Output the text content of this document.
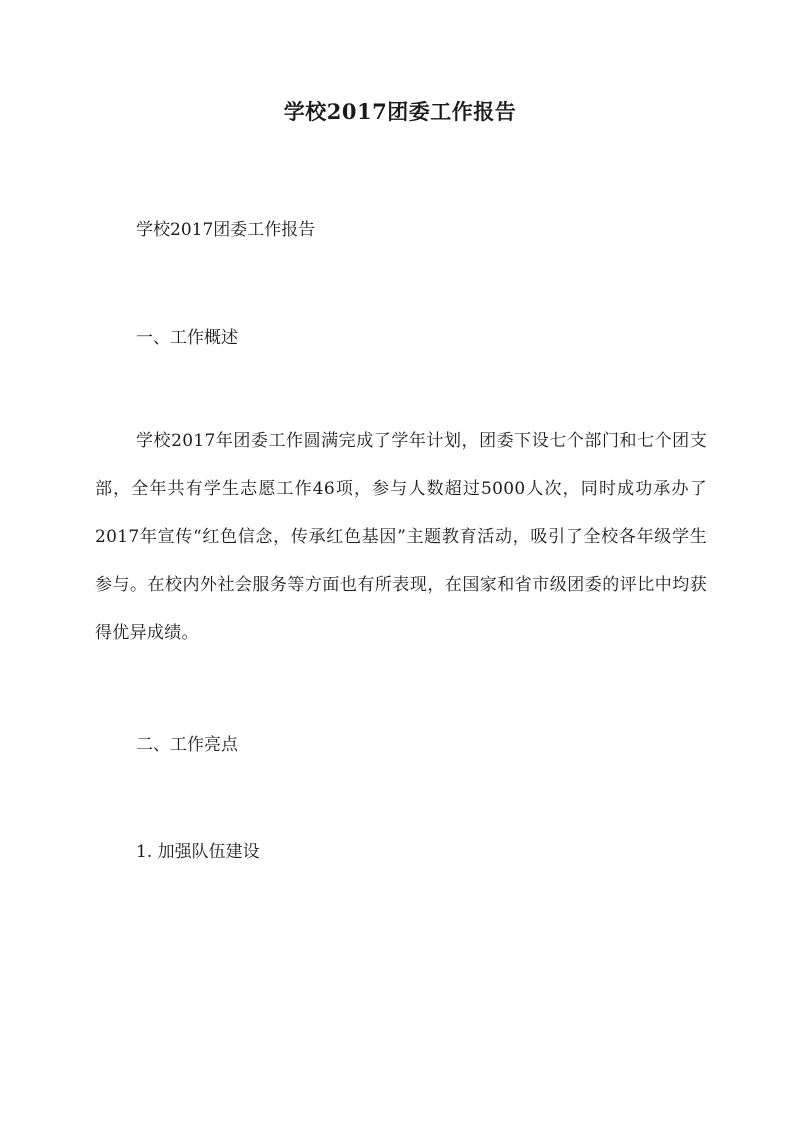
学校2017团委工作报告

学校2017团委工作报告

一、工作概述

学校2017年团委工作圆满完成了学年计划，团委下设七个部门和七个团支部，全年共有学生志愿工作46项，参与人数超过5000人次，同时成功承办了2017年宣传“红色信念，传承红色基因”主题教育活动，吸引了全校各年级学生参与。在校内外社会服务等方面也有所表现，在国家和省市级团委的评比中均获得优异成绩。

二、工作亮点

1. 加强队伍建设
